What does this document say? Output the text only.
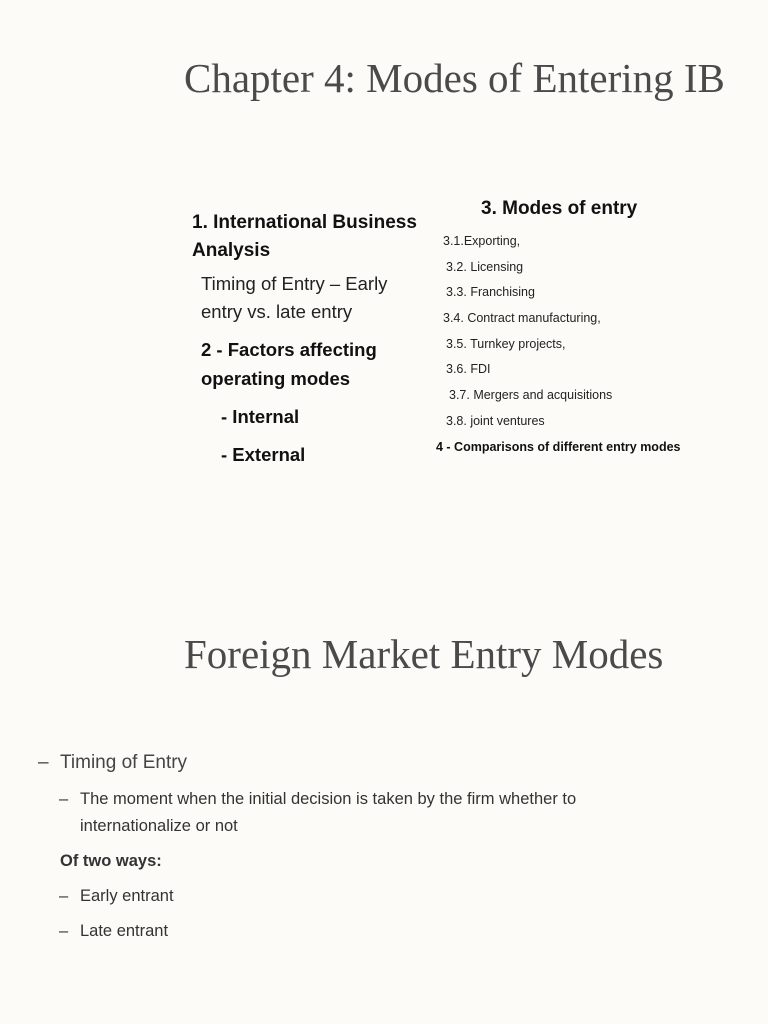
Chapter 4: Modes of Entering IB
1. International Business
Analysis
Timing of Entry – Early
entry vs. late entry
2 - Factors affecting
operating modes
- Internal
- External
3. Modes of entry
3.1.Exporting,
3.2. Licensing
3.3. Franchising
3.4. Contract manufacturing,
3.5. Turnkey projects,
3.6. FDI
3.7. Mergers and acquisitions
3.8. joint ventures
4 - Comparisons of different entry modes
Foreign Market Entry Modes
– Timing of Entry
– The moment when the initial decision is taken by the firm whether to
internationalize or not
Of two ways:
– Early entrant
– Late entrant
